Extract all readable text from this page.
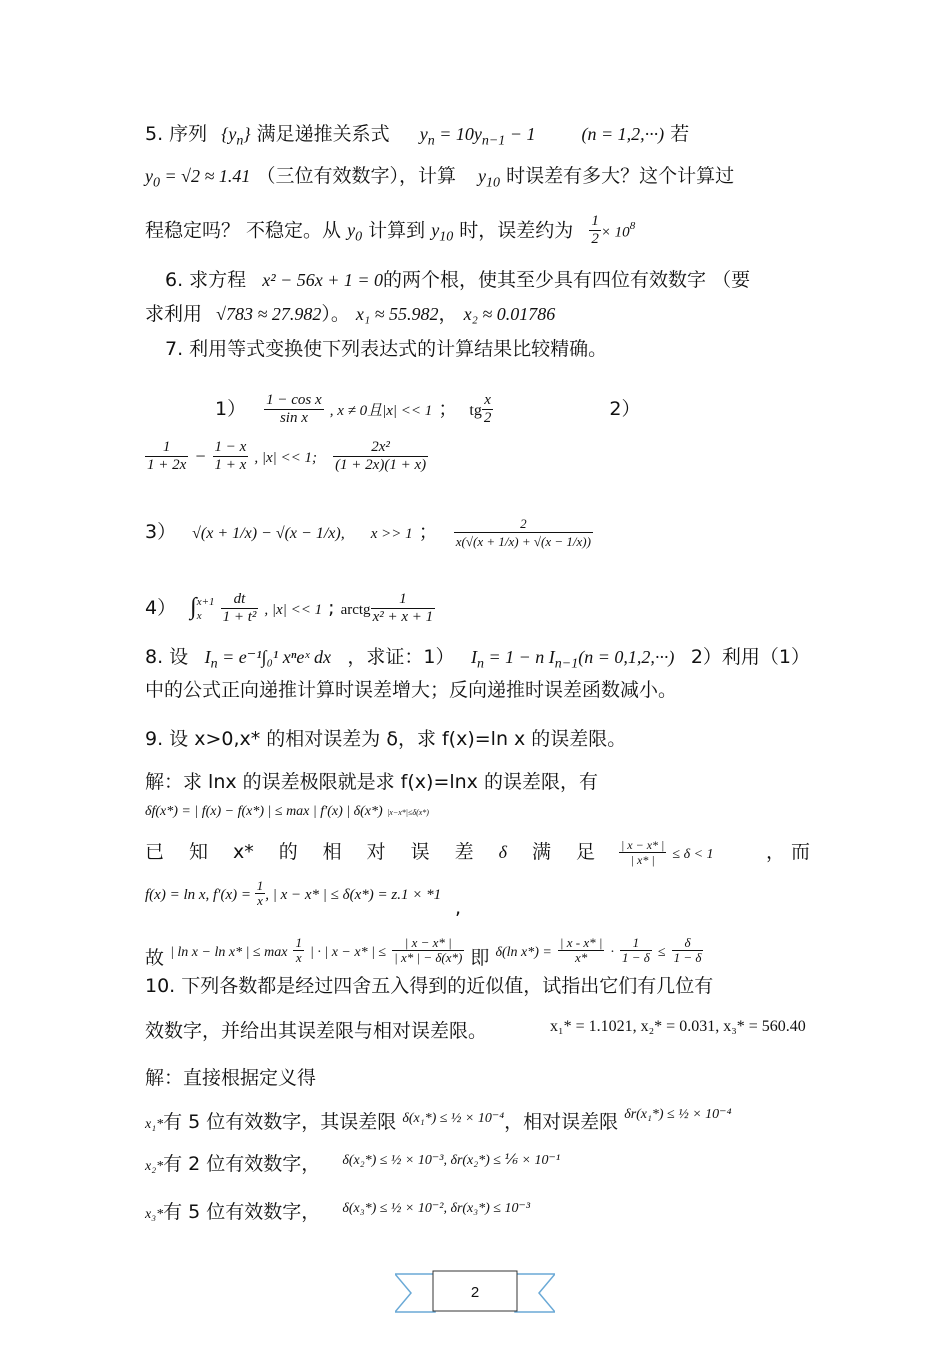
5. 序列 $\{y_n\}$ 满足递推关系式 $y_n = 10y_{n-1} - 1$	(n = 1,2,···) 若
$y_0 = √2 \approx 1.41$ （三位有效数字），计算 $y_{10}$ 时误差有多大？这个计算过
程稳定吗？ 不稳定。从 $y_0$ 计算到 $y_{10}$ 时，误差约为 $\frac{1}{2} \times 10^8$
6. 求方程 x² − 56x + 1 = 0的两个根，使其至少具有四位有效数字 （要
求利用 √783 ≈ 27.982）。 x₁ ≈ 55.982， x₂ ≈ 0.01786
7. 利用等式变换使下列表达式的计算结果比较精确。
$1) \frac{\text{1 − cos x}}{\text{sin x}}$ , x ≠ 0且|x| << 1 ； tg $\frac{x}{2}$	2）
$\frac{1}{1 + 2x} - \frac{1 - x}{1 + x}$ , |x| << 1; $\frac{\text{2x²}}{(1 + 2x)(1 + x)}$
3） √(x + 1/x) − √(x − 1/x), x >> 1 ； $\frac{2}{x(√(x + 1/x) + √(x - 1/x))}$
4） ∫ x+1
x
	$\frac{dt}{\text{1 + t²}}$ , |x| << 1 ; arctg $\frac{1}{\text{x² + x + 1}}$
8. 设 $I_n = e^{-1}\int_0^1$ xⁿeˣ dx ，求证：1） $I_n = 1 - n$ $I_{n-1}(n = 0,1,2,\cdot\cdot\cdot)$ 2）利用（1）
中的公式正向递推计算时误差增大；反向递推时误差函数减小。
9. 设 x>0,x* 的相对误差为 δ，求 f(x)=ln x 的误差限。
解：求 lnx 的误差极限就是求 f(x)=lnx 的误差限，有
δf(x*) = | f(x) − f(x*) | ≤ max | f′(x) | δ(x*) |x−x*|≤δ(x*)
已 知 x* 的 相 对 误 差 δ 满 足 $\frac{| x - x* |}{| x* |} \le \delta < 1$	， 而
f(x) = ln x, $f'(x) = \frac{1}{x}$ , | x − x* | ≤ δ(x*) = z.1 × *1
,
故 | ln x − ln x* | ≤ $\max \frac{1}{x}$ | · | x − x* | ≤ $\frac{| x - x* |}{| x* | - \delta(x*)}$ 即 δ(ln $x*) = \frac{| x - x* |}{x*} \cdot \frac{1}{1 - \delta} \le \frac{\delta}{1 - \delta}$
10. 下列各数都是经过四舍五入得到的近似值，试指出它们有几位有
效数字，并给出其误差限与相对误差限。	x₁* = 1.1021, x₂* = 0.031, x₃* = 560.40
解：直接根据定义得
x₁*有 5 位有效数字，其误差限 $^{\delta(x_1*) \le \frac{1}{2} \times 10^{-4}}$，相对误差限 $^{\delta r(x_1*) \le \frac{1}{2} \times 10^{-4}}$
x₂*有 2 位有效数字， $^{\delta(x_2*) \le \frac{1}{2} \times 10^{-3}, \delta r(x_2*) \le \frac{1}{6} \times 10^{-1}}$
x₃*有 5 位有效数字， $^{\delta(x_3*) \le \frac{1}{2} \times 10^{-2}, \delta r(x_3*) \le 10^{-3}}$
2
